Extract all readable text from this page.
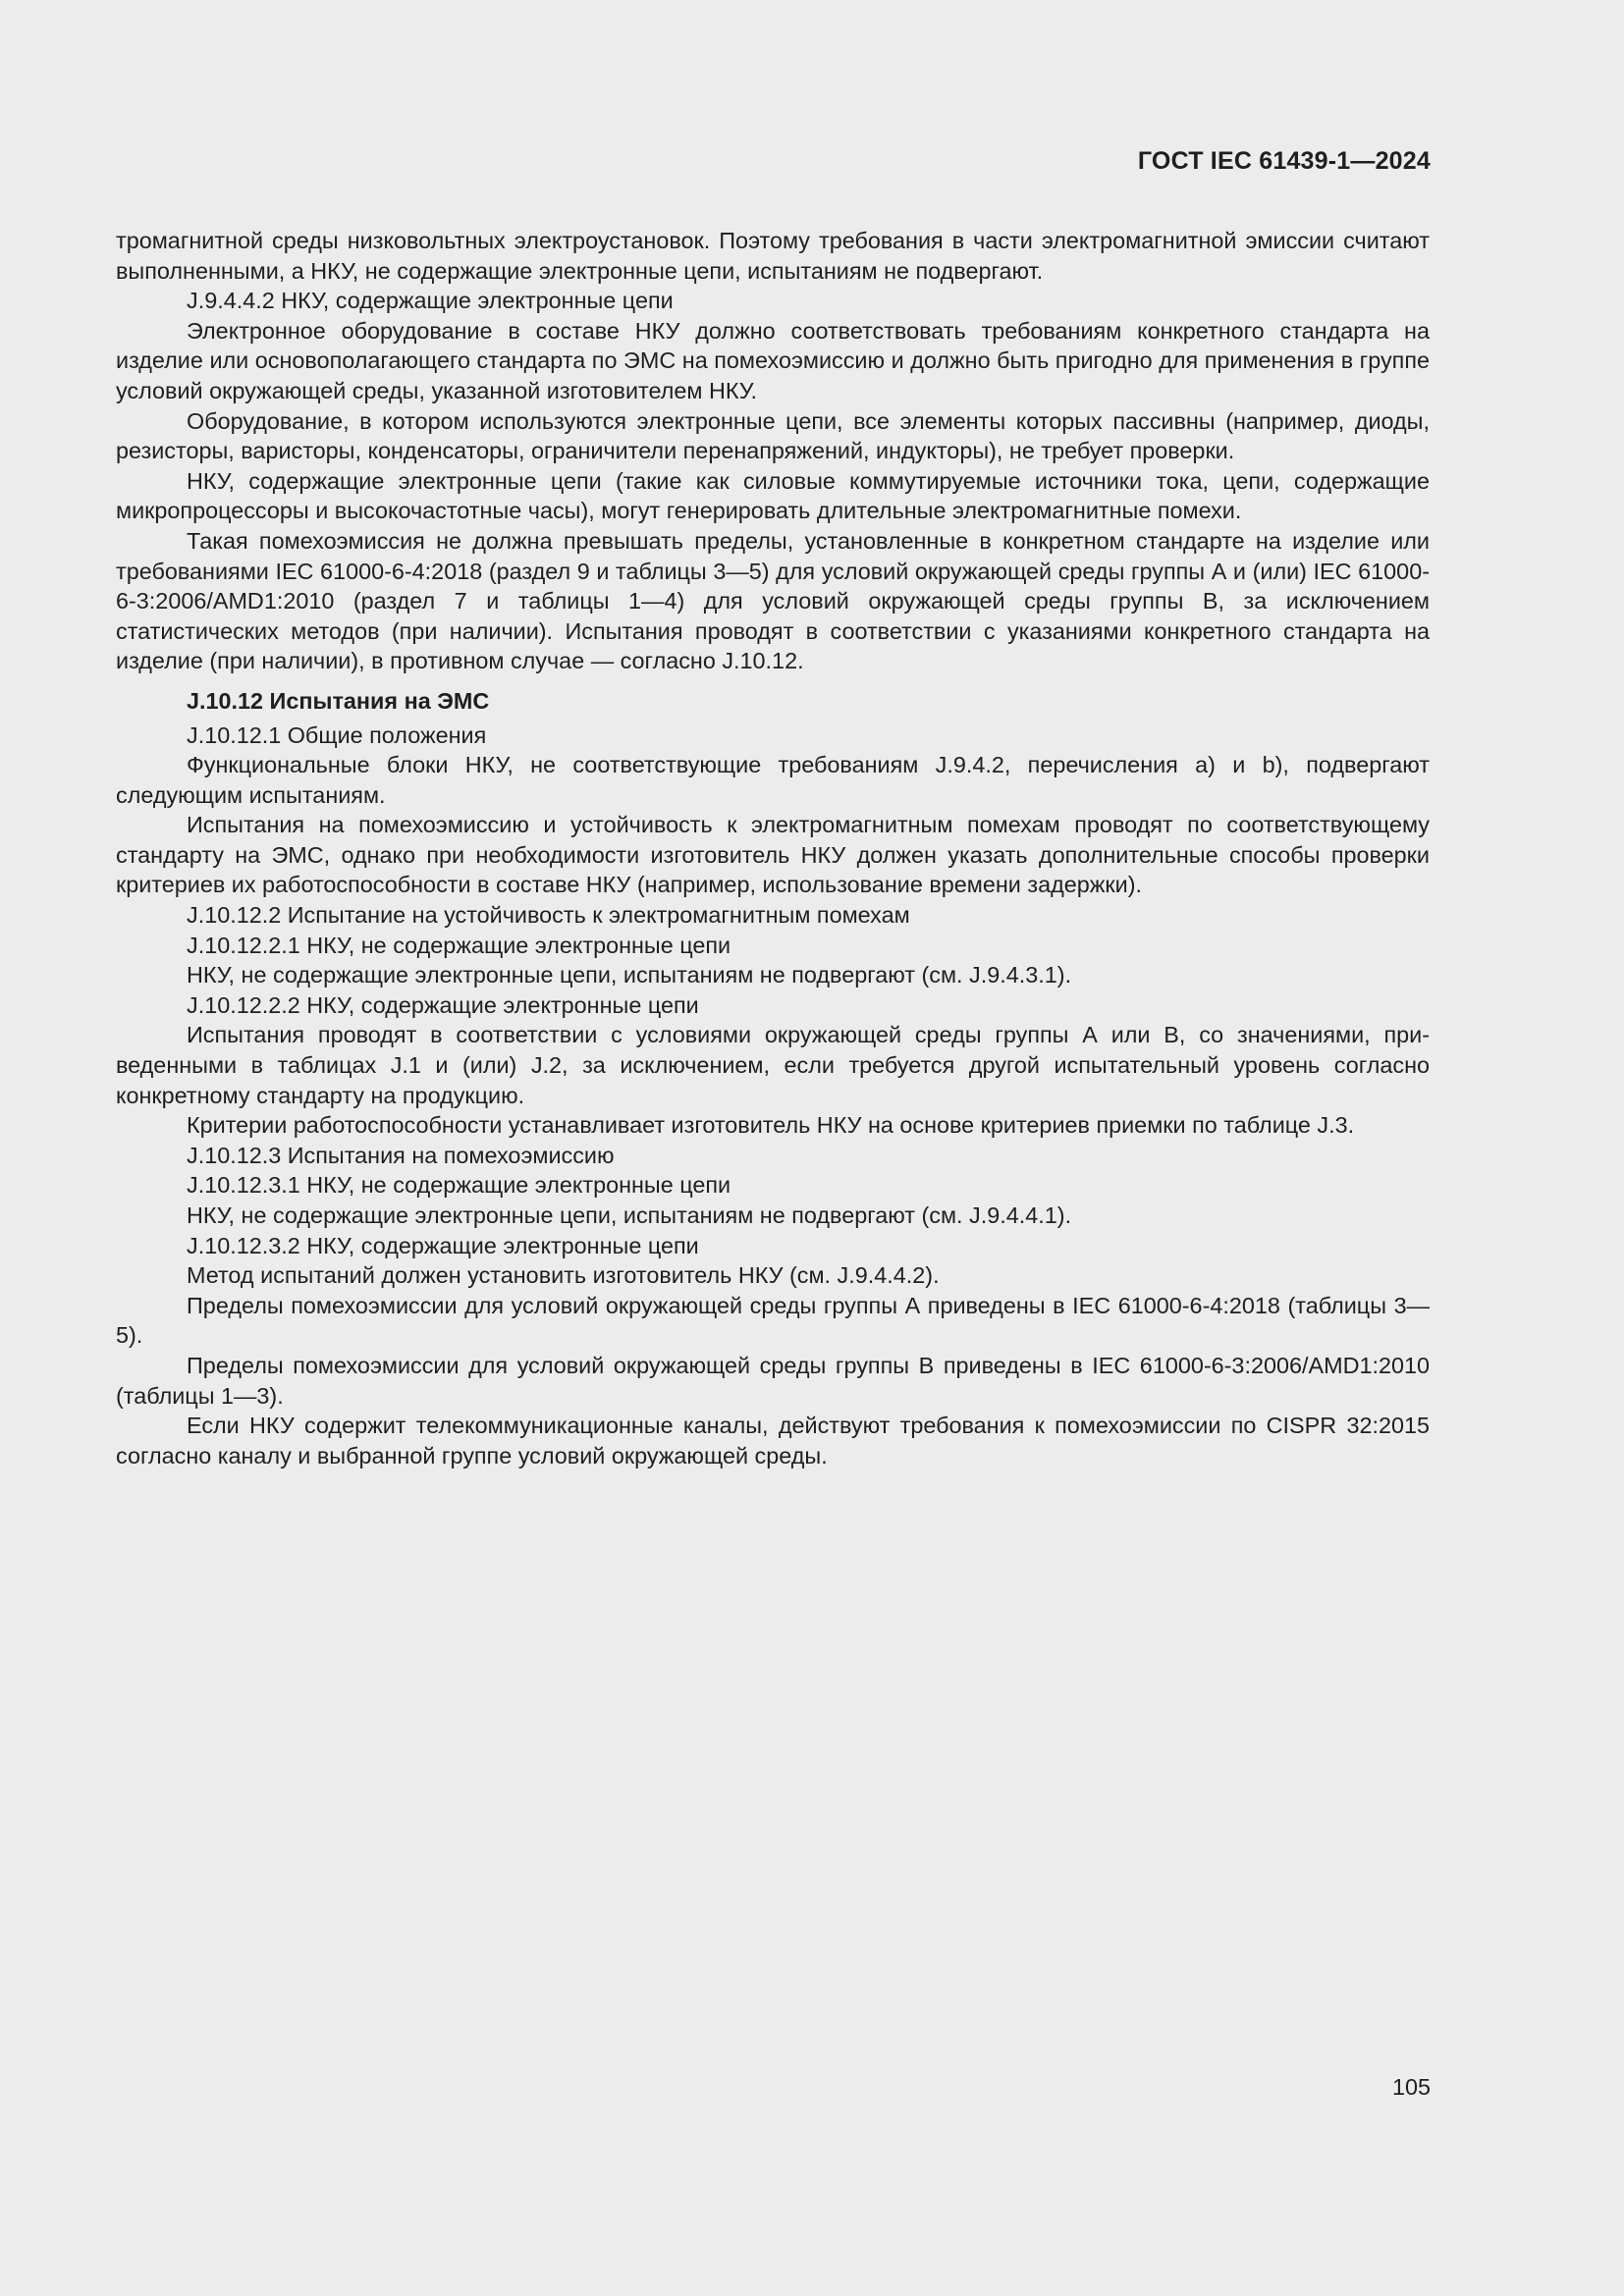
ГОСТ IEC 61439-1—2024

тромагнитной среды низковольтных электроустановок. Поэтому требования в части электромагнитной эмиссии считают выполненными, а НКУ, не содержащие электронные цепи, испытаниям не подвергают.

J.9.4.4.2 НКУ, содержащие электронные цепи

Электронное оборудование в составе НКУ должно соответствовать требованиям конкретного стандарта на изделие или основополагающего стандарта по ЭМС на помехоэмиссию и должно быть пригодно для применения в группе условий окружающей среды, указанной изготовителем НКУ.

Оборудование, в котором используются электронные цепи, все элементы которых пассивны (например, диоды, резисторы, варисторы, конденсаторы, ограничители перенапряжений, индукторы), не требует проверки.

НКУ, содержащие электронные цепи (такие как силовые коммутируемые источники тока, цепи, содержащие микропроцессоры и высокочастотные часы), могут генерировать длительные электромагнитные помехи.

Такая помехоэмиссия не должна превышать пределы, установленные в конкретном стандарте на изделие или требованиями IEC 61000-6-4:2018 (раздел 9 и таблицы 3—5) для условий окружающей среды группы А и (или) IEC 61000-6-3:2006/AMD1:2010 (раздел 7 и таблицы 1—4) для условий окружающей среды группы В, за исключением статистических методов (при наличии). Испытания проводят в соответствии с указаниями конкретного стандарта на изделие (при наличии), в противном случае — согласно J.10.12.

J.10.12 Испытания на ЭМС

J.10.12.1 Общие положения

Функциональные блоки НКУ, не соответствующие требованиям J.9.4.2, перечисления а) и b), подвергают следующим испытаниям.

Испытания на помехоэмиссию и устойчивость к электромагнитным помехам проводят по соответствующему стандарту на ЭМС, однако при необходимости изготовитель НКУ должен указать дополнительные способы проверки критериев их работоспособности в составе НКУ (например, использование времени задержки).

J.10.12.2 Испытание на устойчивость к электромагнитным помехам

J.10.12.2.1 НКУ, не содержащие электронные цепи

НКУ, не содержащие электронные цепи, испытаниям не подвергают (см. J.9.4.3.1).

J.10.12.2.2 НКУ, содержащие электронные цепи

Испытания проводят в соответствии с условиями окружающей среды группы А или В, со значениями, приведенными в таблицах J.1 и (или) J.2, за исключением, если требуется другой испытательный уровень согласно конкретному стандарту на продукцию.

Критерии работоспособности устанавливает изготовитель НКУ на основе критериев приемки по таблице J.3.

J.10.12.3 Испытания на помехоэмиссию

J.10.12.3.1 НКУ, не содержащие электронные цепи

НКУ, не содержащие электронные цепи, испытаниям не подвергают (см. J.9.4.4.1).

J.10.12.3.2 НКУ, содержащие электронные цепи

Метод испытаний должен установить изготовитель НКУ (см. J.9.4.4.2).

Пределы помехоэмиссии для условий окружающей среды группы А приведены в IEC 61000-6-4:2018 (таблицы 3—5).

Пределы помехоэмиссии для условий окружающей среды группы В приведены в IEC 61000-6-3:2006/AMD1:2010 (таблицы 1—3).

Если НКУ содержит телекоммуникационные каналы, действуют требования к помехоэмиссии по CISPR 32:2015 согласно каналу и выбранной группе условий окружающей среды.

105
